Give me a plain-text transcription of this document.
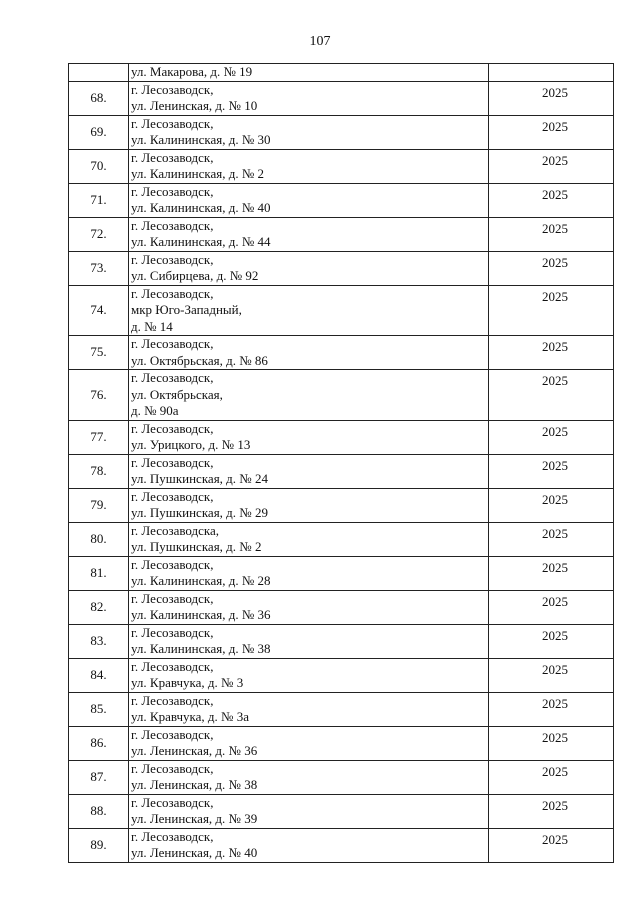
107

	ул. Макарова, д. № 19	

68.	г. Лесозаводск,
ул. Ленинская, д. № 10	2025
69.	г. Лесозаводск,
ул. Калининская, д. № 30	2025
70.	г. Лесозаводск,
ул. Калининская, д. № 2	2025
71.	г. Лесозаводск,
ул. Калининская, д. № 40	2025
72.	г. Лесозаводск,
ул. Калининская, д. № 44	2025
73.	г. Лесозаводск,
ул. Сибирцева, д. № 92	2025
74.	г. Лесозаводск,
мкр Юго-Западный,
д. № 14	2025
75.	г. Лесозаводск,
ул. Октябрьская, д. № 86	2025
76.	г. Лесозаводск,
ул. Октябрьская,
д. № 90а	2025
77.	г. Лесозаводск,
ул. Урицкого, д. № 13	2025
78.	г. Лесозаводск,
ул. Пушкинская, д. № 24	2025
79.	г. Лесозаводск,
ул. Пушкинская, д. № 29	2025
80.	г. Лесозаводска,
ул. Пушкинская, д. № 2	2025
81.	г. Лесозаводск,
ул. Калининская, д. № 28	2025
82.	г. Лесозаводск,
ул. Калининская, д. № 36	2025
83.	г. Лесозаводск,
ул. Калининская, д. № 38	2025
84.	г. Лесозаводск,
ул. Кравчука, д. № 3	2025
85.	г. Лесозаводск,
ул. Кравчука, д. № 3а	2025
86.	г. Лесозаводск,
ул. Ленинская, д. № 36	2025
87.	г. Лесозаводск,
ул. Ленинская, д. № 38	2025
88.	г. Лесозаводск,
ул. Ленинская, д. № 39	2025
89.	г. Лесозаводск,
ул. Ленинская, д. № 40	2025
